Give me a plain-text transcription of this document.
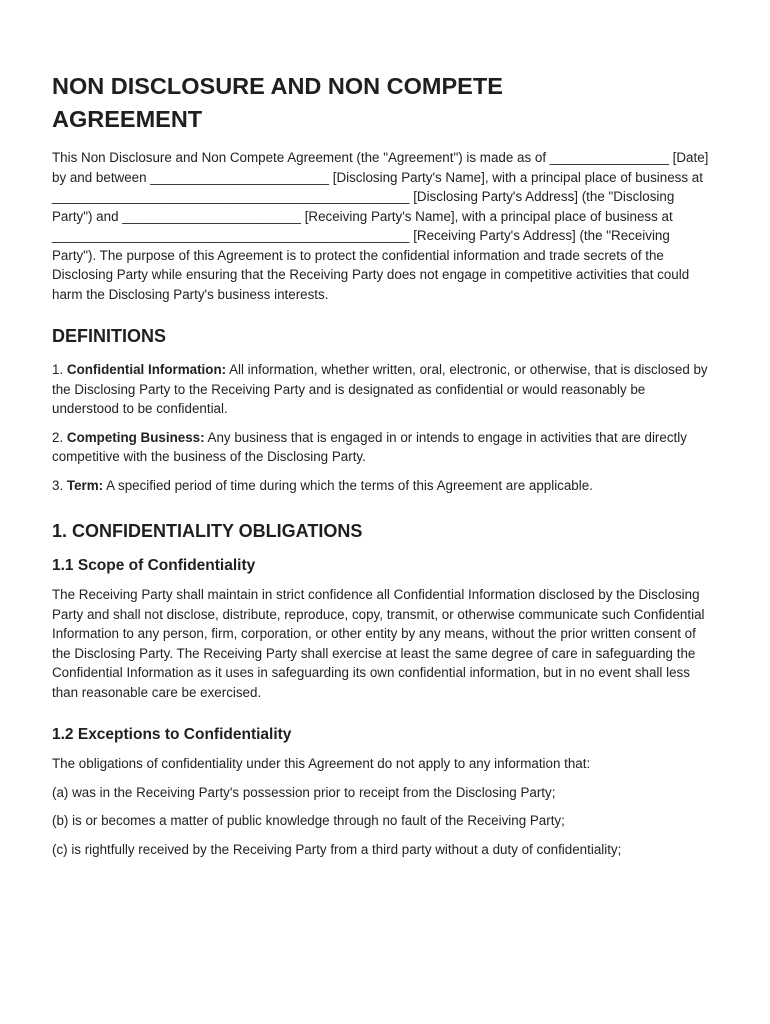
NON DISCLOSURE AND NON COMPETE AGREEMENT

This Non Disclosure and Non Compete Agreement (the "Agreement") is made as of ________________ [Date] by and between ________________________ [Disclosing Party's Name], with a principal place of business at ________________________________________________ [Disclosing Party's Address] (the "Disclosing Party") and ________________________ [Receiving Party's Name], with a principal place of business at ________________________________________________ [Receiving Party's Address] (the "Receiving Party"). The purpose of this Agreement is to protect the confidential information and trade secrets of the Disclosing Party while ensuring that the Receiving Party does not engage in competitive activities that could harm the Disclosing Party's business interests.

DEFINITIONS

1. Confidential Information: All information, whether written, oral, electronic, or otherwise, that is disclosed by the Disclosing Party to the Receiving Party and is designated as confidential or would reasonably be understood to be confidential.

2. Competing Business: Any business that is engaged in or intends to engage in activities that are directly competitive with the business of the Disclosing Party.

3. Term: A specified period of time during which the terms of this Agreement are applicable.

1. CONFIDENTIALITY OBLIGATIONS
1.1 Scope of Confidentiality

The Receiving Party shall maintain in strict confidence all Confidential Information disclosed by the Disclosing Party and shall not disclose, distribute, reproduce, copy, transmit, or otherwise communicate such Confidential Information to any person, firm, corporation, or other entity by any means, without the prior written consent of the Disclosing Party. The Receiving Party shall exercise at least the same degree of care in safeguarding the Confidential Information as it uses in safeguarding its own confidential information, but in no event shall less than reasonable care be exercised.

1.2 Exceptions to Confidentiality

The obligations of confidentiality under this Agreement do not apply to any information that:

(a) was in the Receiving Party's possession prior to receipt from the Disclosing Party;

(b) is or becomes a matter of public knowledge through no fault of the Receiving Party;

(c) is rightfully received by the Receiving Party from a third party without a duty of confidentiality;
